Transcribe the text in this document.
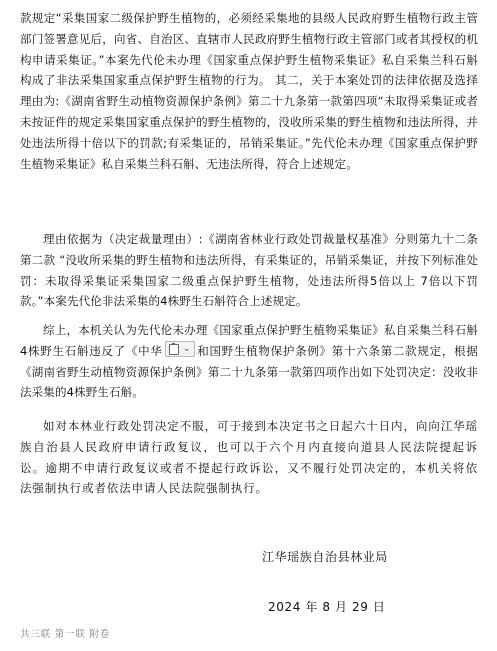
款规定“采集国家二级保护野生植物的，必须经采集地的县级人民政府野生植物行政主管部门签署意见后，向省、自治区、直辖市人民政府野生植物行政主管部门或者其授权的机构申请采集证。”本案先代伦未办理《国家重点保护野生植物采集证》私自采集兰科石斛 构成了非法采集国家重点保护野生植物的行为。 其二，关于本案处罚的法律依据及选择理由为:《湖南省野生动植物资源保护条例》第二十九条第一款第四项“未取得采集证或者未按证件的规定采集国家重点保护的野生植物的，没收所采集的野生植物和违法所得，并处违法所得十倍以下的罚款;有采集证的，吊销采集证。”先代伦未办理《国家重点保护野生植物采集证》私自采集兰科石斛、无违法所得，符合上述规定。

理由依据为（决定裁量理由）:《湖南省林业行政处罚裁量权基准》分则第九十二条第二款 “没收所采集的野生植物和违法所得，有采集证的，吊销采集证，并按下列标准处罚：未取得采集证采集国家二级重点保护野生植物，处违法所得5倍以上 7倍以下罚款。”本案先代伦非法采集的4株野生石斛符合上述规定。

综上，本机关认为先代伦未办理《国家重点保护野生植物采集证》私自采集兰科石斛4株野生石斛违反了《中华 ⌄ 和国野生植物保护条例》第十六条第二款规定，根据《湖南省野生动植物资源保护条例》第二十九条第一款第四项作出如下处罚决定：没收非法采集的4株野生石斛。

如对本林业行政处罚决定不服，可于接到本决定书之日起六十日内，向向江华瑶族自治县人民政府申请行政复议，也可以于六个月内直接向道县人民法院提起诉讼。逾期不申请行政复议或者不提起行政诉讼，又不履行处罚决定的，本机关将依法强制执行或者依法申请人民法院强制执行。

江华瑶族自治县林业局

2024 年 8 月 29 日

共三联 第一联 附卷
